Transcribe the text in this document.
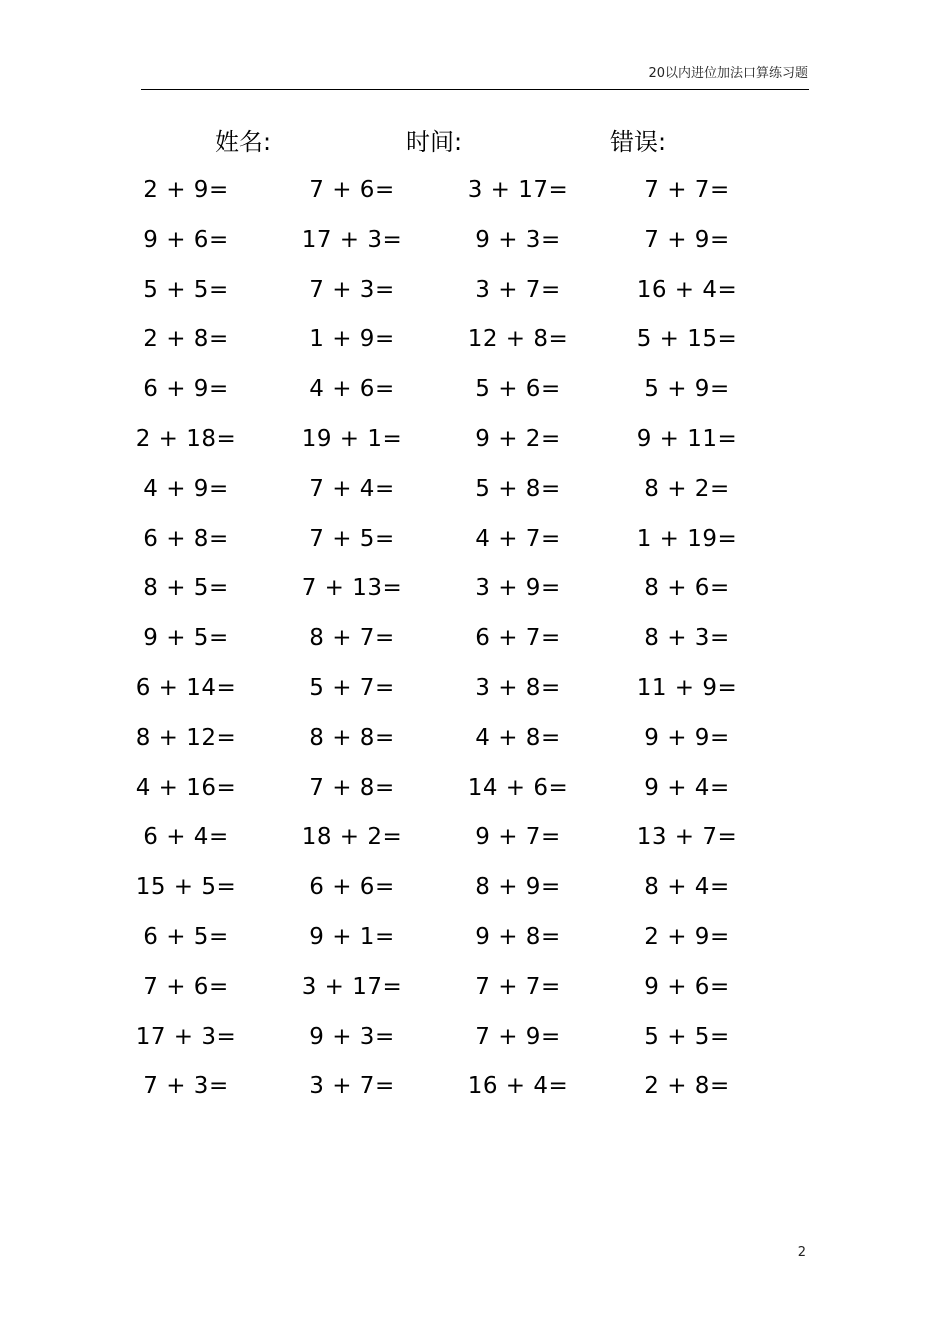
20以内进位加法口算练习题
姓名:	时间:	错误:
2 + 9=	7 + 6=	3 + 17=	7 + 7=
9 + 6=	17 + 3=	9 + 3=	7 + 9=
5 + 5=	7 + 3=	3 + 7=	16 + 4=
2 + 8=	1 + 9=	12 + 8=	5 + 15=
6 + 9=	4 + 6=	5 + 6=	5 + 9=
2 + 18=	19 + 1=	9 + 2=	9 + 11=
4 + 9=	7 + 4=	5 + 8=	8 + 2=
6 + 8=	7 + 5=	4 + 7=	1 + 19=
8 + 5=	7 + 13=	3 + 9=	8 + 6=
9 + 5=	8 + 7=	6 + 7=	8 + 3=
6 + 14=	5 + 7=	3 + 8=	11 + 9=
8 + 12=	8 + 8=	4 + 8=	9 + 9=
4 + 16=	7 + 8=	14 + 6=	9 + 4=
6 + 4=	18 + 2=	9 + 7=	13 + 7=
15 + 5=	6 + 6=	8 + 9=	8 + 4=
6 + 5=	9 + 1=	9 + 8=	2 + 9=
7 + 6=	3 + 17=	7 + 7=	9 + 6=
17 + 3=	9 + 3=	7 + 9=	5 + 5=
7 + 3=	3 + 7=	16 + 4=	2 + 8=
2
